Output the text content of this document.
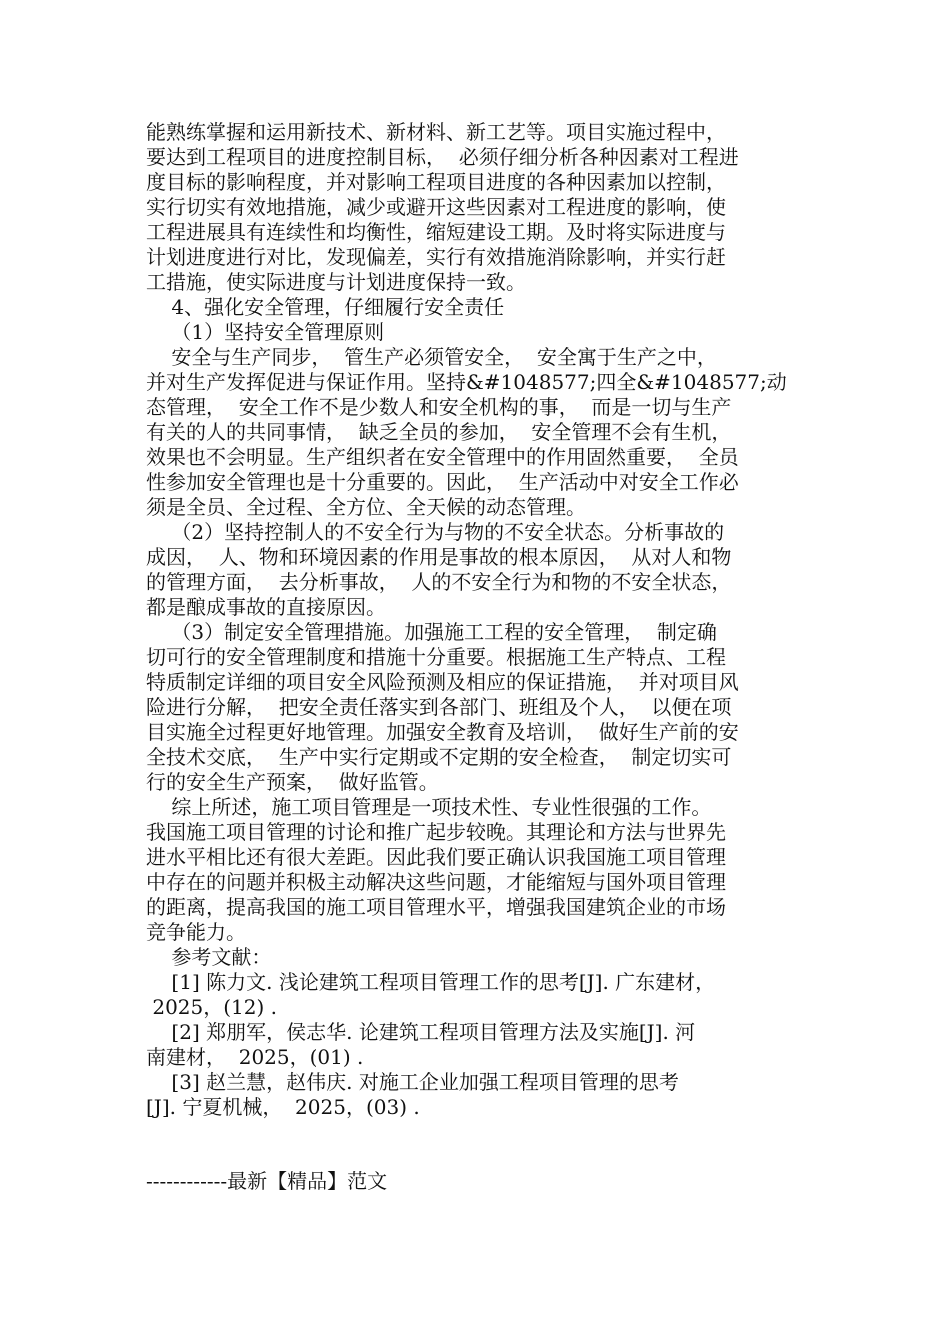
能熟练掌握和运用新技术、新材料、新工艺等。项目实施过程中，
要达到工程项目的进度控制目标，  必须仔细分析各种因素对工程进
度目标的影响程度，并对影响工程项目进度的各种因素加以控制，
实行切实有效地措施，减少或避开这些因素对工程进度的影响，使
工程进展具有连续性和均衡性，缩短建设工期。及时将实际进度与
计划进度进行对比，发现偏差，实行有效措施消除影响，并实行赶
工措施，使实际进度与计划进度保持一致。
4、强化安全管理，仔细履行安全责任
（1）坚持安全管理原则
安全与生产同步，  管生产必须管安全，  安全寓于生产之中，
并对生产发挥促进与保证作用。坚持&#1048577;四全&#1048577;动
态管理，  安全工作不是少数人和安全机构的事，  而是一切与生产
有关的人的共同事情，  缺乏全员的参加，  安全管理不会有生机，
效果也不会明显。生产组织者在安全管理中的作用固然重要，  全员
性参加安全管理也是十分重要的。因此，  生产活动中对安全工作必
须是全员、全过程、全方位、全天候的动态管理。
（2）坚持控制人的不安全行为与物的不安全状态。分析事故的
成因，  人、物和环境因素的作用是事故的根本原因，  从对人和物
的管理方面，  去分析事故，  人的不安全行为和物的不安全状态，
都是酿成事故的直接原因。
（3）制定安全管理措施。加强施工工程的安全管理，  制定确
切可行的安全管理制度和措施十分重要。根据施工生产特点、工程
特质制定详细的项目安全风险预测及相应的保证措施，  并对项目风
险进行分解，  把安全责任落实到各部门、班组及个人，  以便在项
目实施全过程更好地管理。加强安全教育及培训，  做好生产前的安
全技术交底，  生产中实行定期或不定期的安全检查，  制定切实可
行的安全生产预案，  做好监管。
综上所述，施工项目管理是一项技术性、专业性很强的工作。
我国施工项目管理的讨论和推广起步较晚。其理论和方法与世界先
进水平相比还有很大差距。因此我们要正确认识我国施工项目管理
中存在的问题并积极主动解决这些问题，才能缩短与国外项目管理
的距离，提高我国的施工项目管理水平，增强我国建筑企业的市场
竞争能力。
参考文献：
[1] 陈力文. 浅论建筑工程项目管理工作的思考[J]. 广东建材，
2025，(12) .
[2] 郑朋军，侯志华. 论建筑工程项目管理方法及实施[J]. 河
南建材，  2025，(01) .
[3] 赵兰慧，赵伟庆. 对施工企业加强工程项目管理的思考
[J]. 宁夏机械，  2025，(03) .
------------最新【精品】范文
